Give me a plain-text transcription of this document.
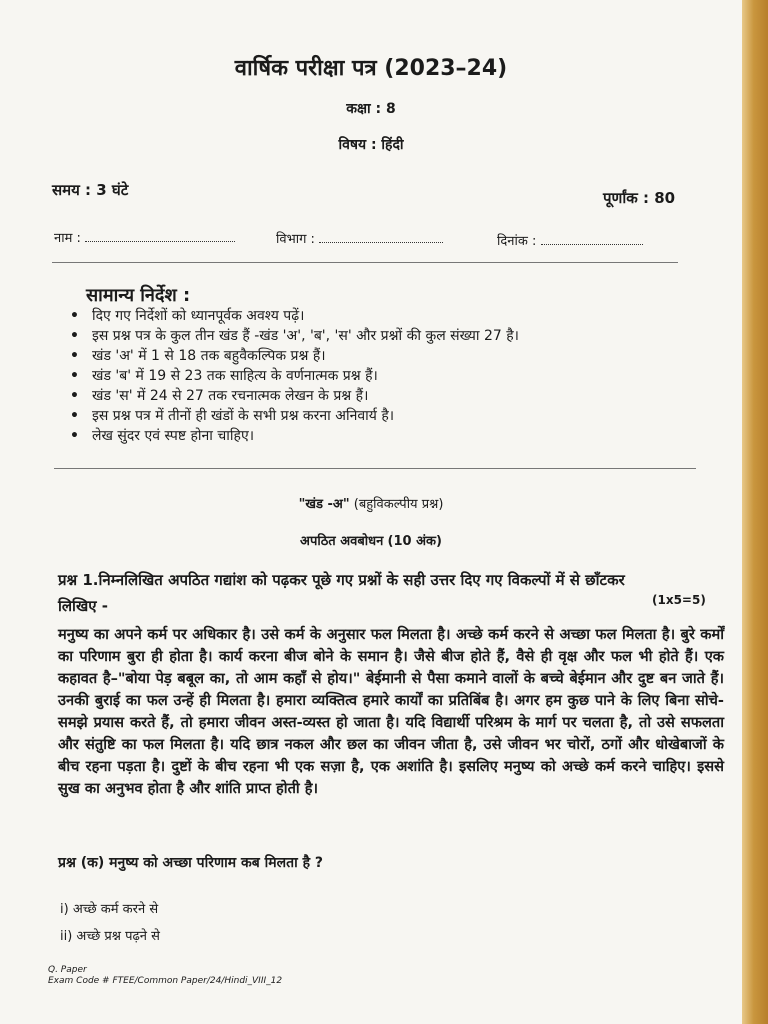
वार्षिक परीक्षा पत्र (2023–24)
कक्षा : 8
विषय : हिंदी
समय : 3 घंटे	पूर्णांक : 80
नाम :	विभाग :	दिनांक :
सामान्य निर्देश :
• दिए गए निर्देशों को ध्यानपूर्वक अवश्य पढ़ें।
• इस प्रश्न पत्र के कुल तीन खंड हैं -खंड 'अ', 'ब', 'स' और प्रश्नों की कुल संख्या 27 है।
• खंड 'अ' में 1 से 18 तक बहुवैकल्पिक प्रश्न हैं।
• खंड 'ब' में 19 से 23 तक साहित्य के वर्णनात्मक प्रश्न हैं।
• खंड 'स' में 24 से 27 तक रचनात्मक लेखन के प्रश्न हैं।
• इस प्रश्न पत्र में तीनों ही खंडों के सभी प्रश्न करना अनिवार्य है।
• लेख सुंदर एवं स्पष्ट होना चाहिए।
"खंड -अ" (बहुविकल्पीय प्रश्न)
अपठित अवबोधन (10 अंक)
प्रश्न 1.निम्नलिखित अपठित गद्यांश को पढ़कर पूछे गए प्रश्नों के सही उत्तर दिए गए विकल्पों में से छाँटकर
लिखिए -	(1x5=5)

मनुष्य का अपने कर्म पर अधिकार है। उसे कर्म के अनुसार फल मिलता है। अच्छे कर्म करने से अच्छा फल मिलता है। बुरे कर्मों का परिणाम बुरा ही होता है। कार्य करना बीज बोने के समान है। जैसे बीज होते हैं, वैसे ही वृक्ष और फल भी होते हैं। एक कहावत है–"बोया पेड़ बबूल का, तो आम कहाँ से होय।" बेईमानी से पैसा कमाने वालों के बच्चे बेईमान और दुष्ट बन जाते हैं। उनकी बुराई का फल उन्हें ही मिलता है। हमारा व्यक्तित्व हमारे कार्यों का प्रतिबिंब है। अगर हम कुछ पाने के लिए बिना सोचे-समझे प्रयास करते हैं, तो हमारा जीवन अस्त-व्यस्त हो जाता है। यदि विद्यार्थी परिश्रम के मार्ग पर चलता है, तो उसे सफलता और संतुष्टि का फल मिलता है। यदि छात्र नकल और छल का जीवन जीता है, उसे जीवन भर चोरों, ठगों और धोखेबाजों के बीच रहना पड़ता है। दुष्टों के बीच रहना भी एक सज़ा है, एक अशांति है। इसलिए मनुष्य को अच्छे कर्म करने चाहिए। इससे सुख का अनुभव होता है और शांति प्राप्त होती है।

प्रश्न (क) मनुष्य को अच्छा परिणाम कब मिलता है ?
i) अच्छे कर्म करने से
ii) अच्छे प्रश्न पढ़ने से
Q. Paper
Exam Code # FTEE/Common Paper/24/Hindi_VIII_12
